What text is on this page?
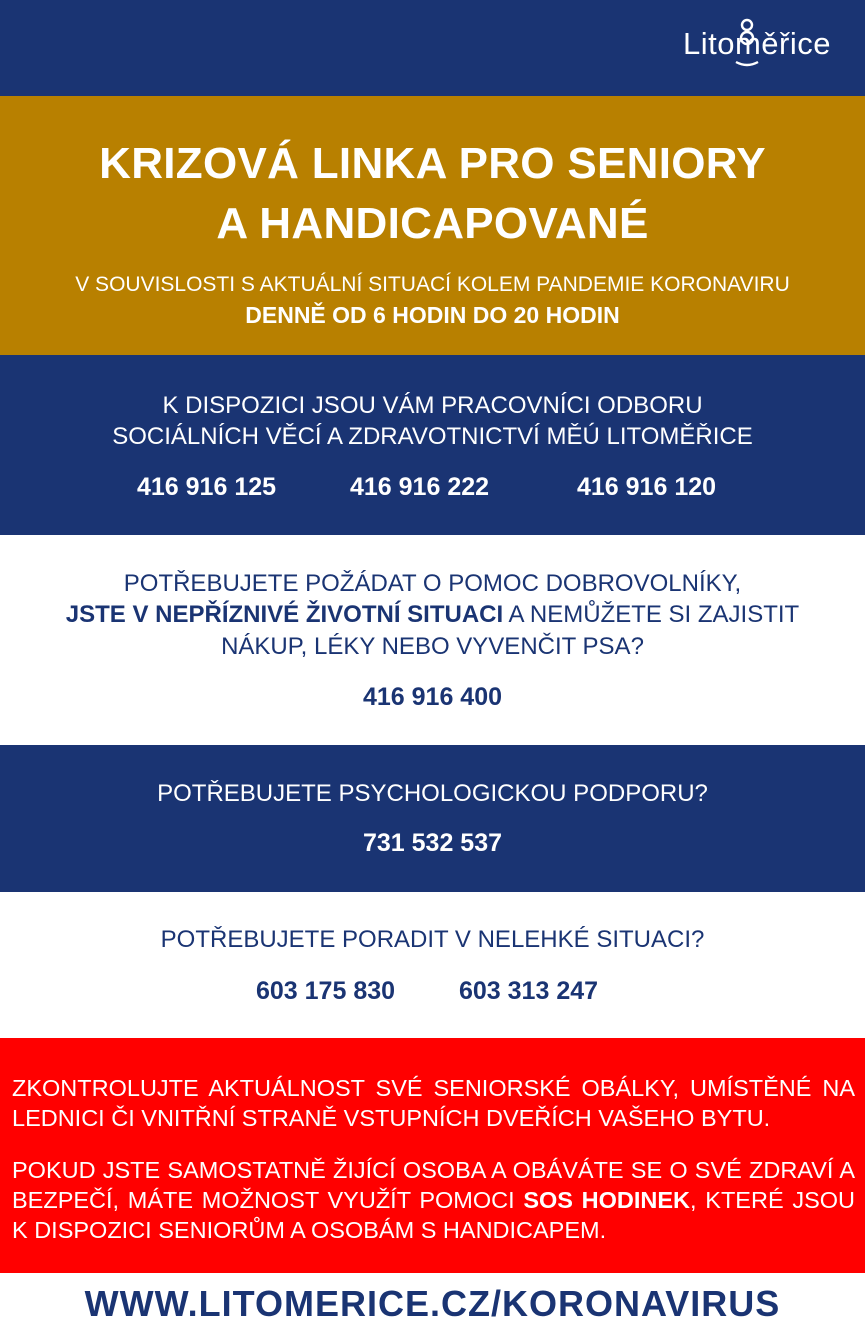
Litoměřice
KRIZOVÁ LINKA PRO SENIORY
A HANDICAPOVANÉ
V SOUVISLOSTI S AKTUÁLNÍ SITUACÍ KOLEM PANDEMIE KORONAVIRU
DENNĚ OD 6 HODIN DO 20 HODIN
K DISPOZICI JSOU VÁM PRACOVNÍCI ODBORU
SOCIÁLNÍCH VĚCÍ A ZDRAVOTNICTVÍ MĚÚ LITOMĚŘICE
416 916 125	416 916 222	416 916 120
POTŘEBUJETE POŽÁDAT O POMOC DOBROVOLNÍKY,
JSTE V NEPŘÍZNIVÉ ŽIVOTNÍ SITUACI A NEMŮŽETE SI ZAJISTIT
NÁKUP, LÉKY NEBO VYVENČIT PSA?
416 916 400
POTŘEBUJETE PSYCHOLOGICKOU PODPORU?
731 532 537
POTŘEBUJETE PORADIT V NELEHKÉ SITUACI?
603 175 830	603 313 247
ZKONTROLUJTE AKTUÁLNOST SVÉ SENIORSKÉ OBÁLKY, UMÍSTĚNÉ NA LEDNICI ČI VNITŘNÍ STRANĚ VSTUPNÍCH DVEŘÍCH VAŠEHO BYTU.
POKUD JSTE SAMOSTATNĚ ŽIJÍCÍ OSOBA A OBÁVÁTE SE O SVÉ ZDRAVÍ A BEZPEČÍ, MÁTE MOŽNOST VYUŽÍT POMOCI SOS HODINEK, KTERÉ JSOU K DISPOZICI SENIORŮM A OSOBÁM S HANDICAPEM.
WWW.LITOMERICE.CZ/KORONAVIRUS
